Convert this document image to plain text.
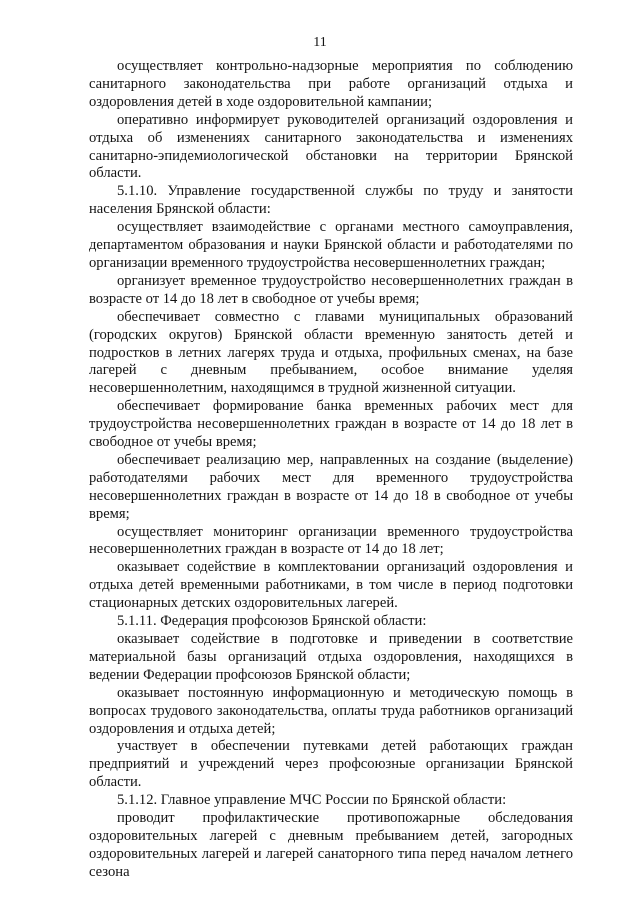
11

осуществляет контрольно-надзорные мероприятия по соблюдению санитарного законодательства при работе организаций отдыха и оздоровления детей в ходе оздоровительной кампании;

оперативно информирует руководителей организаций оздоровления и отдыха об изменениях санитарного законодательства и изменениях санитарно-эпидемиологической обстановки на территории Брянской области.

5.1.10. Управление государственной службы по труду и занятости населения Брянской области:

осуществляет взаимодействие с органами местного самоуправления, департаментом образования и науки Брянской области и работодателями по организации временного трудоустройства несовершеннолетних граждан;

организует временное трудоустройство несовершеннолетних граждан в возрасте от 14 до 18 лет в свободное от учебы время;

обеспечивает совместно с главами муниципальных образований (городских округов) Брянской области временную занятость детей и подростков в летних лагерях труда и отдыха, профильных сменах, на базе лагерей с дневным пребыванием, особое внимание уделяя несовершеннолетним, находящимся в трудной жизненной ситуации.

обеспечивает формирование банка временных рабочих мест для трудоустройства несовершеннолетних граждан в возрасте от 14 до 18 лет в свободное от учебы время;

обеспечивает реализацию мер, направленных на создание (выделение) работодателями рабочих мест для временного трудоустройства несовершеннолетних граждан в возрасте от 14 до 18 в свободное от учебы время;

осуществляет мониторинг организации временного трудоустройства несовершеннолетних граждан в возрасте от 14 до 18 лет;

оказывает содействие в комплектовании организаций оздоровления и отдыха детей временными работниками, в том числе в период подготовки стационарных детских оздоровительных лагерей.

5.1.11. Федерация профсоюзов Брянской области:

оказывает содействие в подготовке и приведении в соответствие материальной базы организаций отдыха оздоровления, находящихся в ведении Федерации профсоюзов Брянской области;

оказывает постоянную информационную и методическую помощь в вопросах трудового законодательства, оплаты труда работников организаций оздоровления и отдыха детей;

участвует в обеспечении путевками детей работающих граждан предприятий и учреждений через профсоюзные организации Брянской области.

5.1.12. Главное управление МЧС России по Брянской области:

проводит профилактические противопожарные обследования оздоровительных лагерей с дневным пребыванием детей, загородных оздоровительных лагерей и лагерей санаторного типа перед началом летнего сезона
